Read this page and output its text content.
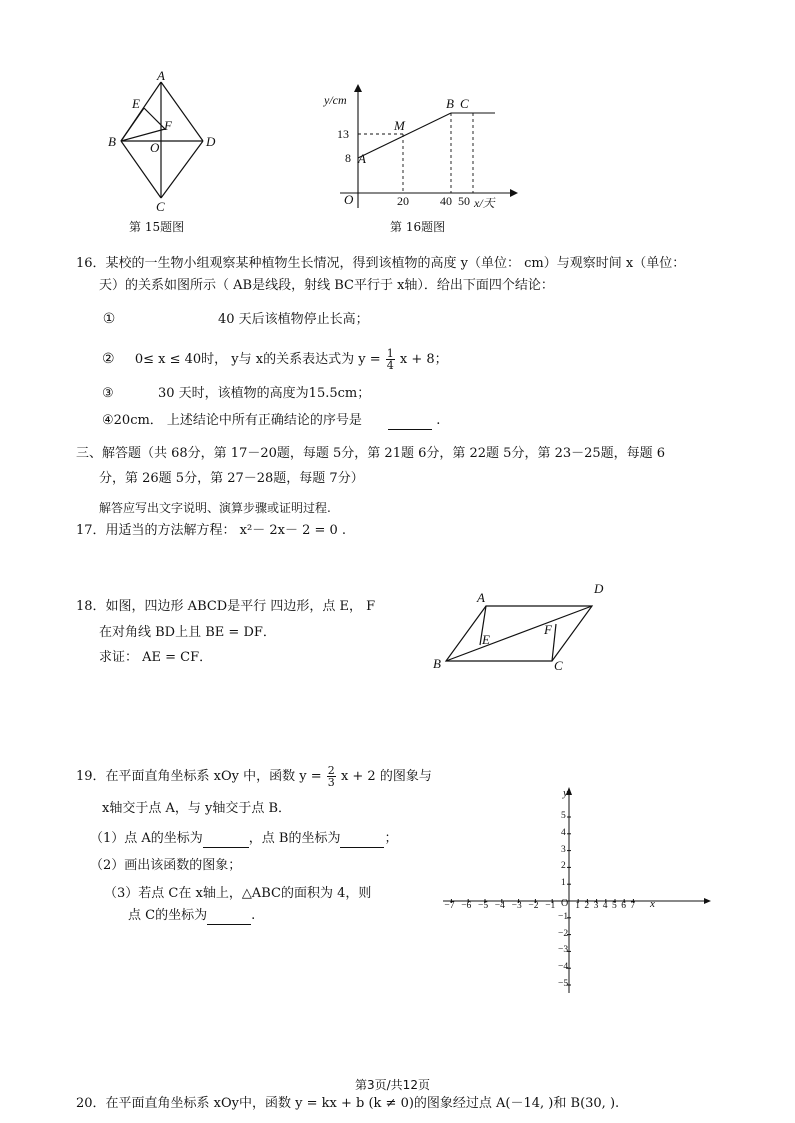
A
E
F
B	O	D
C
第 15题图
y/cm
13
8 A
M
B C
O	20	40 50 x/天
第 16题图
16．某校的一生物小组观察某种植物生长情况，得到该植物的高度 y（单位： cm）与观察时间 x（单位：
天）的关系如图所示（ AB是线段，射线 BC平行于 x轴）．给出下面四个结论：
①	40 天后该植物停止长高；
② 0≤ x ≤ 40时， y与 x的关系表达式为 $y = \frac{1}{4}$ x + 8；
③	30 天时，该植物的高度为15.5cm；
④20cm． 上述结论中所有正确结论的序号是	.
三、解答题（共 68分，第 17－20题，每题 5分，第 21题 6分，第 22题 5分，第 23－25题，每题 6
分，第 26题 5分，第 27－28题，每题 7分）
解答应写出文字说明、演算步骤或证明过程.
17．用适当的方法解方程： x²－ 2x－ 2 = 0 .
18．如图，四边形 ABCD是平行 四边形，点 E， F
在对角线 BD上且 BE = DF．
求证： AE = CF．
A
D
E
F
B	C
19．在平面直角坐标系 xOy 中，函数 $y = \frac{2}{3}$ x + 2 的图象与
x轴交于点 A，与 y轴交于点 B．
（1）点 A的坐标为	，点 B的坐标为	；
（2）画出该函数的图象；
（3）若点 C在 x轴上，△ABC的面积为 4，则
点 C的坐标为	.
y
x
O
−7 −6 −5 −4 −3 −2 −1 1 2 3 4 5 6 7
5
4
3
2
1
−1
−2
−3
−4
−5
第3页/共12页
20．在平面直角坐标系 xOy中，函数 y = kx + b (k ≠ 0)的图象经过点 A(－14, )和 B(30, ).
